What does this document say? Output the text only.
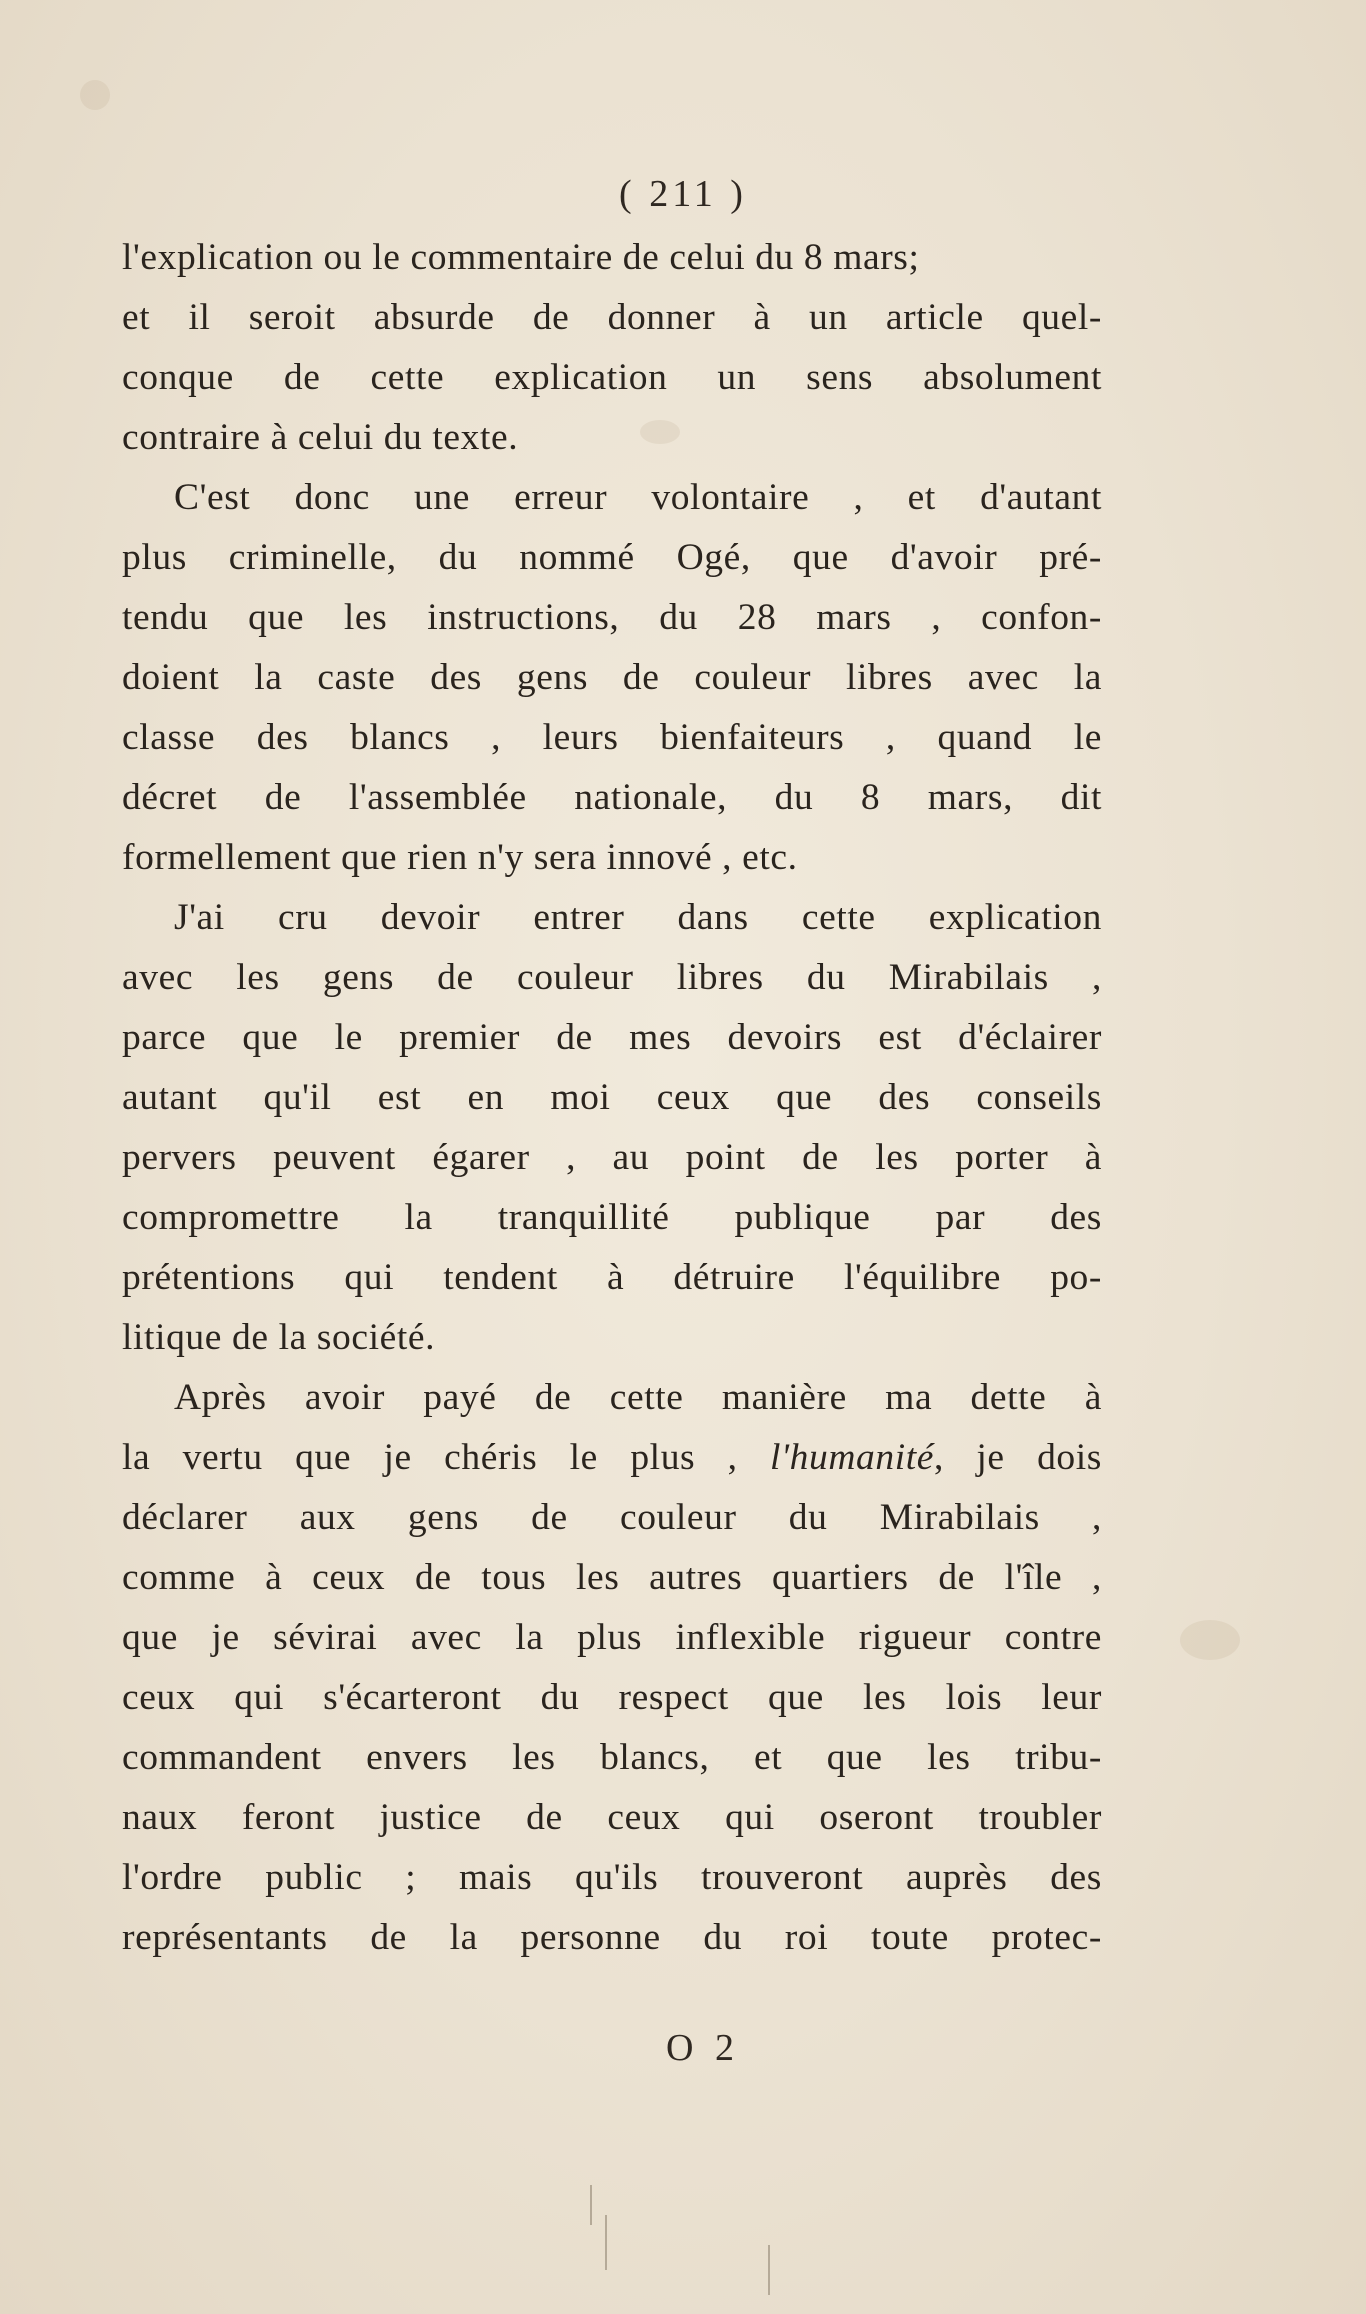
( 211 )
l'explication ou le commentaire de celui du 8 mars;
et il seroit absurde de donner à un article quel-
conque de cette explication un sens absolument
contraire à celui du texte.
C'est donc une erreur volontaire , et d'autant
plus criminelle, du nommé Ogé, que d'avoir pré-
tendu que les instructions, du 28 mars , confon-
doient la caste des gens de couleur libres avec la
classe des blancs , leurs bienfaiteurs , quand le
décret de l'assemblée nationale, du 8 mars, dit
formellement que rien n'y sera innové , etc.
J'ai cru devoir entrer dans cette explication
avec les gens de couleur libres du Mirabilais ,
parce que le premier de mes devoirs est d'éclairer
autant qu'il est en moi ceux que des conseils
pervers peuvent égarer , au point de les porter à
compromettre la tranquillité publique par des
prétentions qui tendent à détruire l'équilibre po-
litique de la société.
Après avoir payé de cette manière ma dette à
la vertu que je chéris le plus , l'humanité, je dois
déclarer aux gens de couleur du Mirabilais ,
comme à ceux de tous les autres quartiers de l'île ,
que je sévirai avec la plus inflexible rigueur contre
ceux qui s'écarteront du respect que les lois leur
commandent envers les blancs, et que les tribu-
naux feront justice de ceux qui oseront troubler
l'ordre public ; mais qu'ils trouveront auprès des
représentants de la personne du roi toute protec-
O 2
